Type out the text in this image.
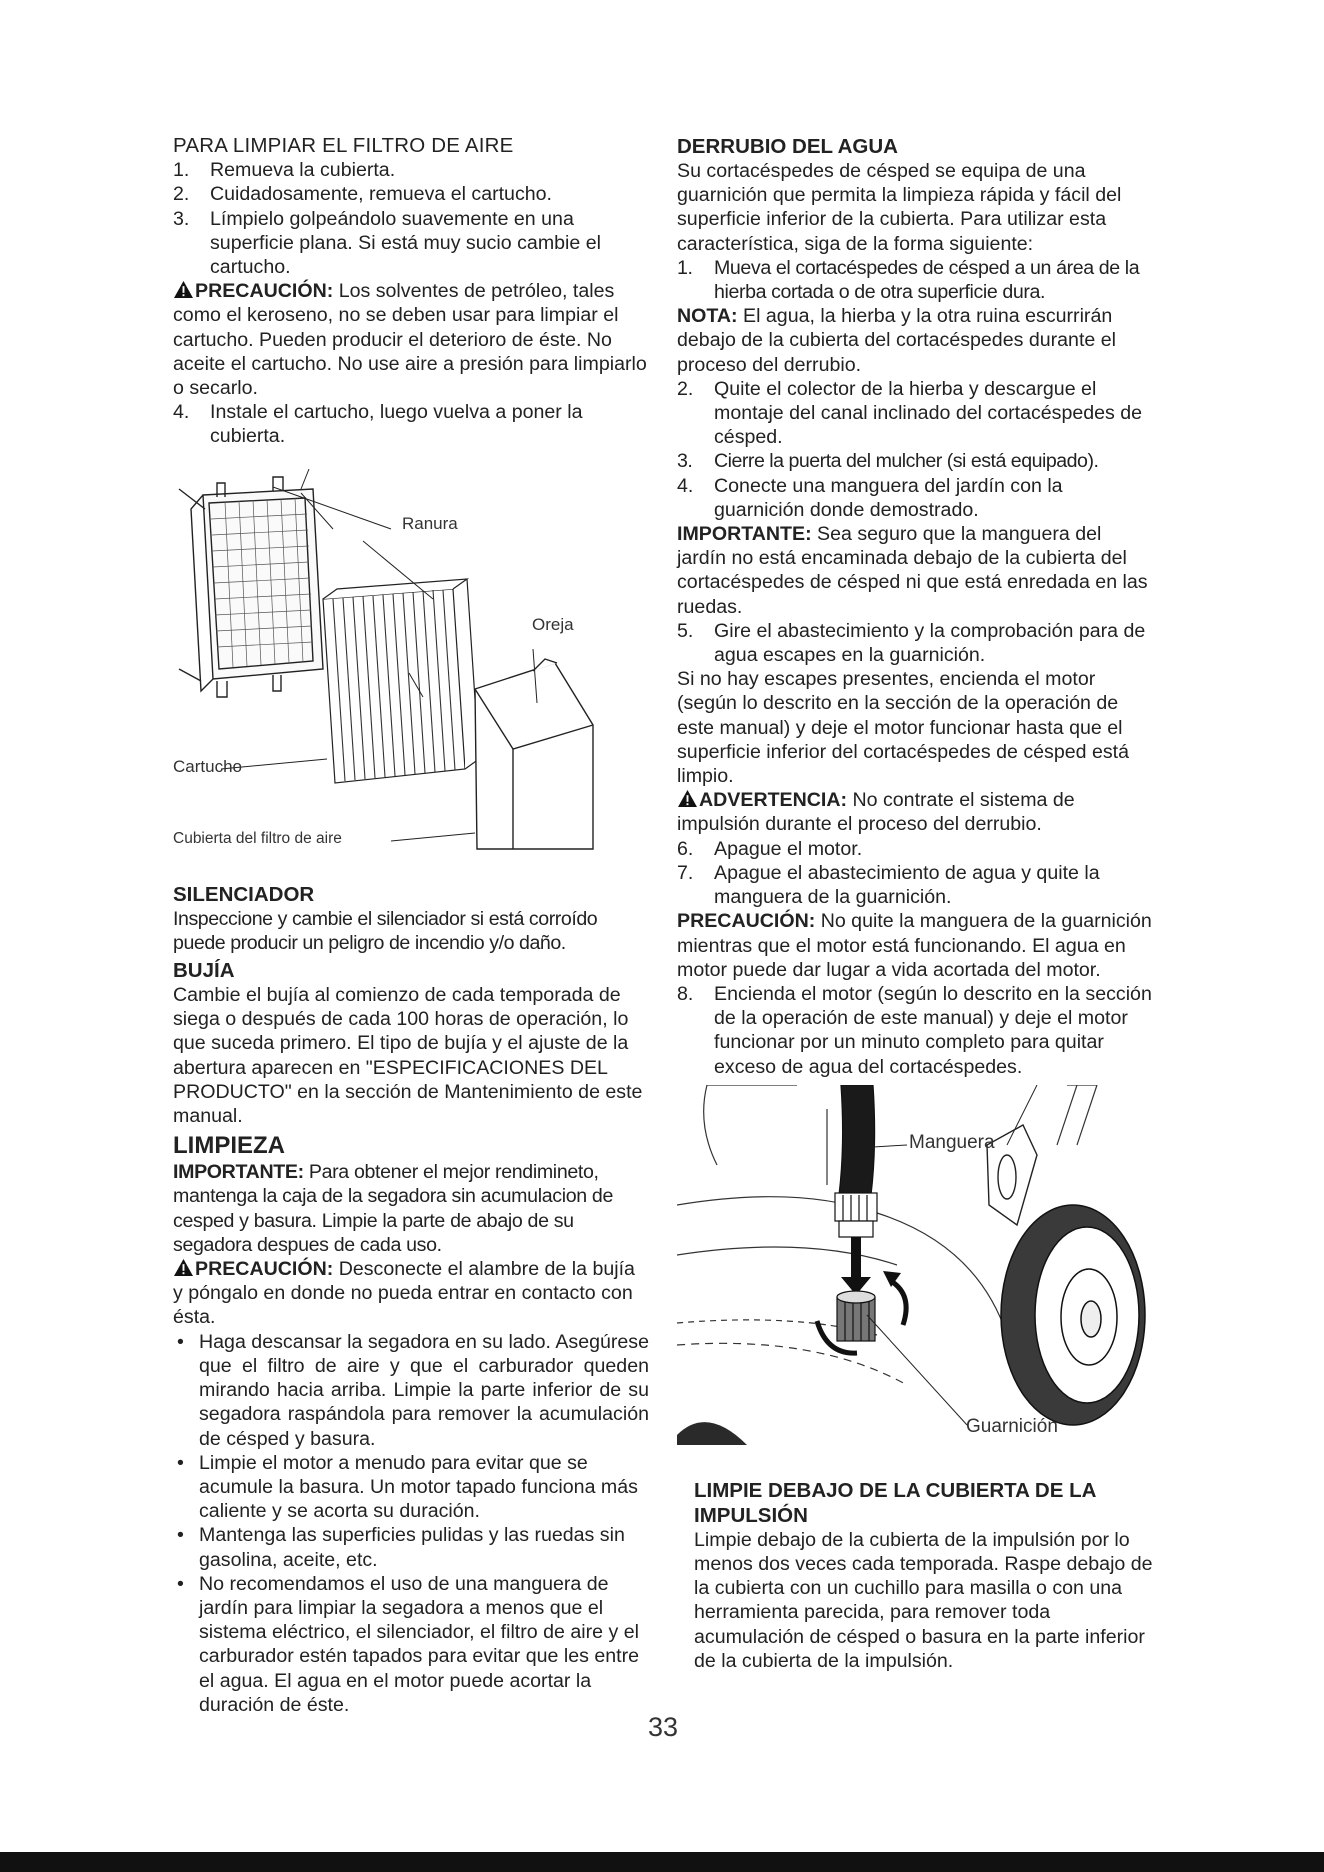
PARA LIMPIAR EL FILTRO DE AIRE

1.	Remueva la cubierta.
2.	Cuidadosamente, remueva el cartucho.
3.	Límpielo golpeándolo suavemente en una superficie plana. Si está muy sucio cambie el cartucho.

PRECAUCIÓN: Los solventes de petróleo, tales como el keroseno, no se deben usar para limpiar el cartucho. Pueden producir el deterioro de éste. No aceite el cartucho. No use aire a presión para limpiarlo o secarlo.

4.	Instale el cartucho, luego vuelva a poner la cubierta.
Ranura
Oreja
Cartucho
Cubierta del filtro de aire

SILENCIADOR

Inspeccione y cambie el silenciador si está corroído puede producir un peligro de incendio y/o daño.

BUJÍA

Cambie el bujía al comienzo de cada temporada de siega o después de cada 100 horas de operación, lo que suceda primero. El tipo de bujía y el ajuste de la abertura aparecen en "ESPECIFICACIONES DEL PRODUCTO" en la sección de Mantenimiento de este manual.

LIMPIEZA

IMPORTANTE: Para obtener el mejor rendimineto, mantenga la caja de la segadora sin acumulacion de cesped y basura. Limpie la parte de abajo de su segadora despues de cada uso.

PRECAUCIÓN: Desconecte el alambre de la bujía y póngalo en donde no pueda entrar en contacto con ésta.

• Haga descansar la segadora en su lado. Asegúrese que el filtro de aire y que el carburador queden mirando hacia arriba. Limpie la parte inferior de su segadora raspándola para remover la acumulación de césped y basura.
• Limpie el motor a menudo para evitar que se acumule la basura. Un motor tapado funciona más caliente y se acorta su duración.
• Mantenga las superficies pulidas y las ruedas sin gasolina, aceite, etc.
• No recomendamos el uso de una manguera de jardín para limpiar la segadora a menos que el sistema eléctrico, el silenciador, el filtro de aire y el carburador estén tapados para evitar que les entre el agua. El agua en el motor puede acortar la duración de éste.

DERRUBIO DEL AGUA

Su cortacéspedes de césped se equipa de una guarnición que permita la limpieza rápida y fácil del superficie inferior de la cubierta. Para utilizar esta característica, siga de la forma siguiente:

1.	Mueva el cortacéspedes de césped a un área de la hierba cortada o de otra superficie dura.

NOTA: El agua, la hierba y la otra ruina escurrirán debajo de la cubierta del cortacéspedes durante el proceso del derrubio.

2.	Quite el colector de la hierba y descargue el montaje del canal inclinado del cortacéspedes de césped.
3.	Cierre la puerta del mulcher (si está equipado).
4.	Conecte una manguera del jardín con la guarnición donde demostrado.

IMPORTANTE: Sea seguro que la manguera del jardín no está encaminada debajo de la cubierta del cortacéspedes de césped ni que está enredada en las ruedas.

5.	Gire el abastecimiento y la comprobación para de agua escapes en la guarnición.

Si no hay escapes presentes, encienda el motor (según lo descrito en la sección de la operación de este manual) y deje el motor funcionar hasta que el superficie inferior del cortacéspedes de césped está limpio.

ADVERTENCIA: No contrate el sistema de impulsión durante el proceso del derrubio.

6.	Apague el motor.
7.	Apague el abastecimiento de agua y quite la manguera de la guarnición.

PRECAUCIÓN: No quite la manguera de la guarnición mientras que el motor está funcionando. El agua en motor puede dar lugar a vida acortada del motor.

8.	Encienda el motor (según lo descrito en la sección de la operación de este manual) y deje el motor funcionar por un minuto completo para quitar exceso de agua del cortacéspedes.
Manguera
Guarnición

LIMPIE DEBAJO DE LA CUBIERTA DE LA IMPULSIÓN

Limpie debajo de la cubierta de la impulsión por lo menos dos veces cada temporada. Raspe debajo de la cubierta con un cuchillo para masilla o con una herramienta parecida, para remover toda acumulación de césped o basura en la parte inferior de la cubierta de la impulsión.

33
